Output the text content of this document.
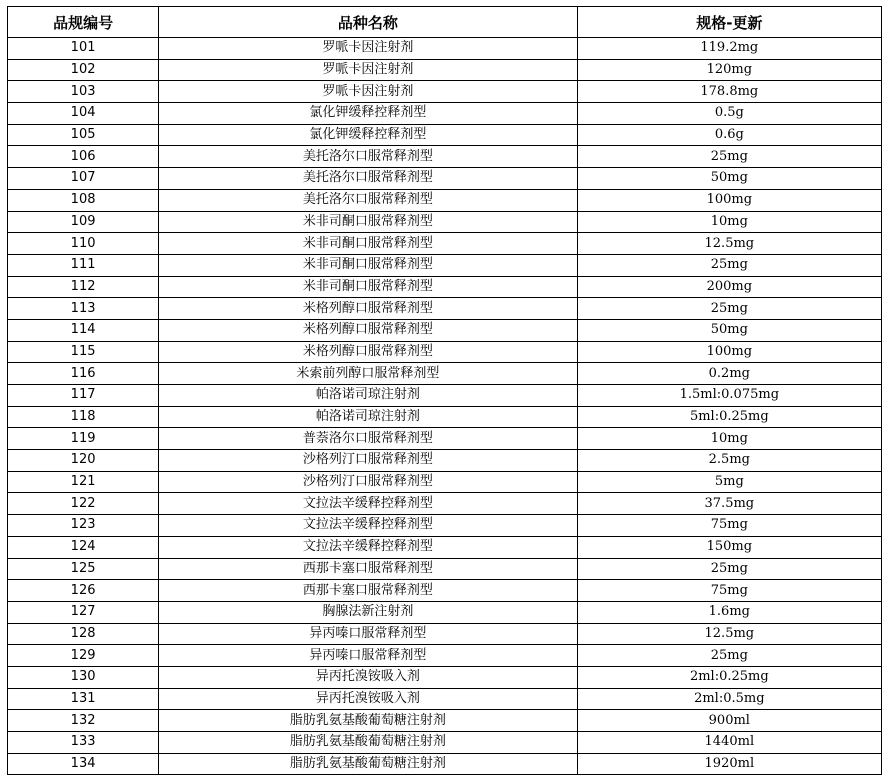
品规编号	品种名称	规格-更新
101	罗哌卡因注射剂	119.2mg
102	罗哌卡因注射剂	120mg
103	罗哌卡因注射剂	178.8mg
104	氯化钾缓释控释剂型	0.5g
105	氯化钾缓释控释剂型	0.6g
106	美托洛尔口服常释剂型	25mg
107	美托洛尔口服常释剂型	50mg
108	美托洛尔口服常释剂型	100mg
109	米非司酮口服常释剂型	10mg
110	米非司酮口服常释剂型	12.5mg
111	米非司酮口服常释剂型	25mg
112	米非司酮口服常释剂型	200mg
113	米格列醇口服常释剂型	25mg
114	米格列醇口服常释剂型	50mg
115	米格列醇口服常释剂型	100mg
116	米索前列醇口服常释剂型	0.2mg
117	帕洛诺司琼注射剂	1.5ml:0.075mg
118	帕洛诺司琼注射剂	5ml:0.25mg
119	普萘洛尔口服常释剂型	10mg
120	沙格列汀口服常释剂型	2.5mg
121	沙格列汀口服常释剂型	5mg
122	文拉法辛缓释控释剂型	37.5mg
123	文拉法辛缓释控释剂型	75mg
124	文拉法辛缓释控释剂型	150mg
125	西那卡塞口服常释剂型	25mg
126	西那卡塞口服常释剂型	75mg
127	胸腺法新注射剂	1.6mg
128	异丙嗪口服常释剂型	12.5mg
129	异丙嗪口服常释剂型	25mg
130	异丙托溴铵吸入剂	2ml:0.25mg
131	异丙托溴铵吸入剂	2ml:0.5mg
132	脂肪乳氨基酸葡萄糖注射剂	900ml
133	脂肪乳氨基酸葡萄糖注射剂	1440ml
134	脂肪乳氨基酸葡萄糖注射剂	1920ml
